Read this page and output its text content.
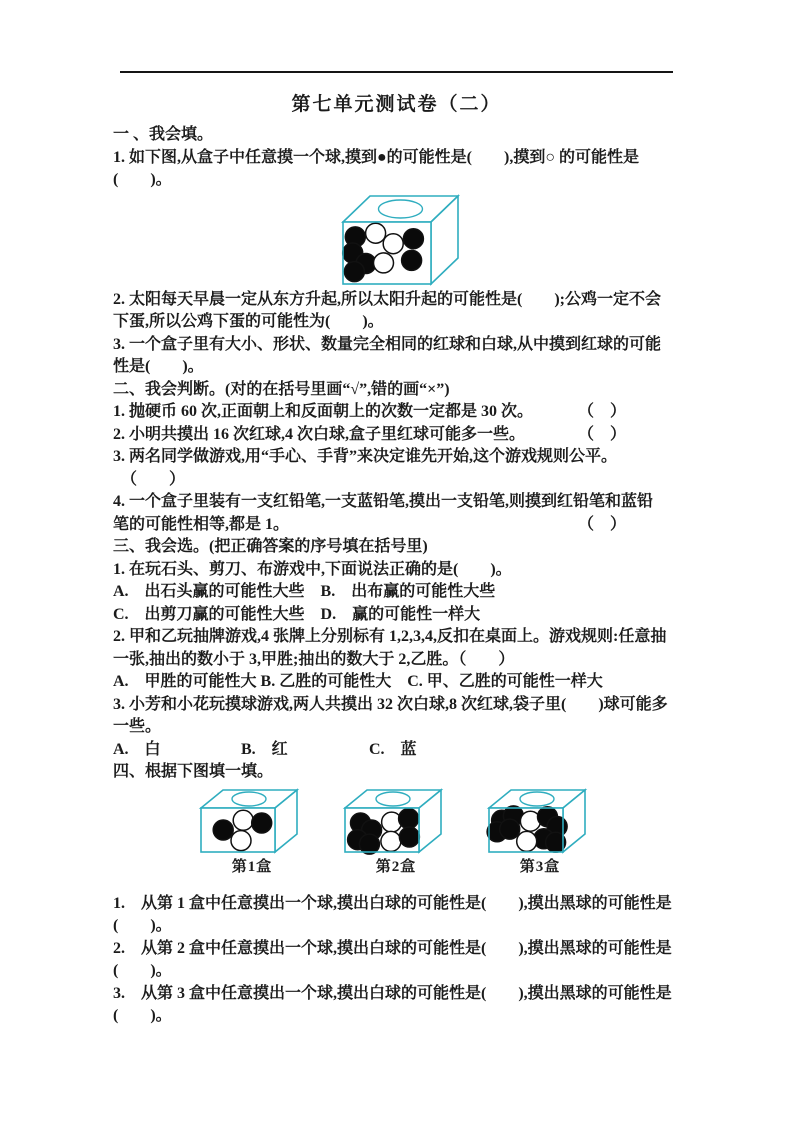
第七单元测试卷（二）
一 、我会填。
1. 如下图,从盒子中任意摸一个球,摸到●的可能性是(　　),摸到○ 的可能性是
(　　)。
2. 太阳每天早晨一定从东方升起,所以太阳升起的可能性是(　　);公鸡一定不会
下蛋,所以公鸡下蛋的可能性为(　　)。
3. 一个盒子里有大小、形状、数量完全相同的红球和白球,从中摸到红球的可能
性是(　　)。
二、我会判断。(对的在括号里画“√”,错的画“×”)
1. 抛硬币 60 次,正面朝上和反面朝上的次数一定都是 30 次。	（　）
2. 小明共摸出 16 次红球,4 次白球,盒子里红球可能多一些。	（　）
3. 两名同学做游戏,用“手心、手背”来决定谁先开始,这个游戏规则公平。
　（　　）
4. 一个盒子里装有一支红铅笔,一支蓝铅笔,摸出一支铅笔,则摸到红铅笔和蓝铅
笔的可能性相等,都是 1。	（　）
三、我会选。(把正确答案的序号填在括号里)
1. 在玩石头、剪刀、布游戏中,下面说法正确的是(　　)。
A.　出石头赢的可能性大些　B.　出布赢的可能性大些
C.　出剪刀赢的可能性大些　D.　赢的可能性一样大
2. 甲和乙玩抽牌游戏,4 张牌上分别标有 1,2,3,4,反扣在桌面上。游戏规则:任意抽
一张,抽出的数小于 3,甲胜;抽出的数大于 2,乙胜。（　　）
A.　甲胜的可能性大 B. 乙胜的可能性大　C. 甲、乙胜的可能性一样大
3. 小芳和小花玩摸球游戏,两人共摸出 32 次白球,8 次红球,袋子里(　　)球可能多
一些。
A.　白	B.　红	C.　蓝
四、根据下图填一填。
第1盒	第2盒	第3盒
1.　从第 1 盒中任意摸出一个球,摸出白球的可能性是(　　),摸出黑球的可能性是
(　　)。
2.　从第 2 盒中任意摸出一个球,摸出白球的可能性是(　　),摸出黑球的可能性是
(　　)。
3.　从第 3 盒中任意摸出一个球,摸出白球的可能性是(　　),摸出黑球的可能性是
(　　)。
